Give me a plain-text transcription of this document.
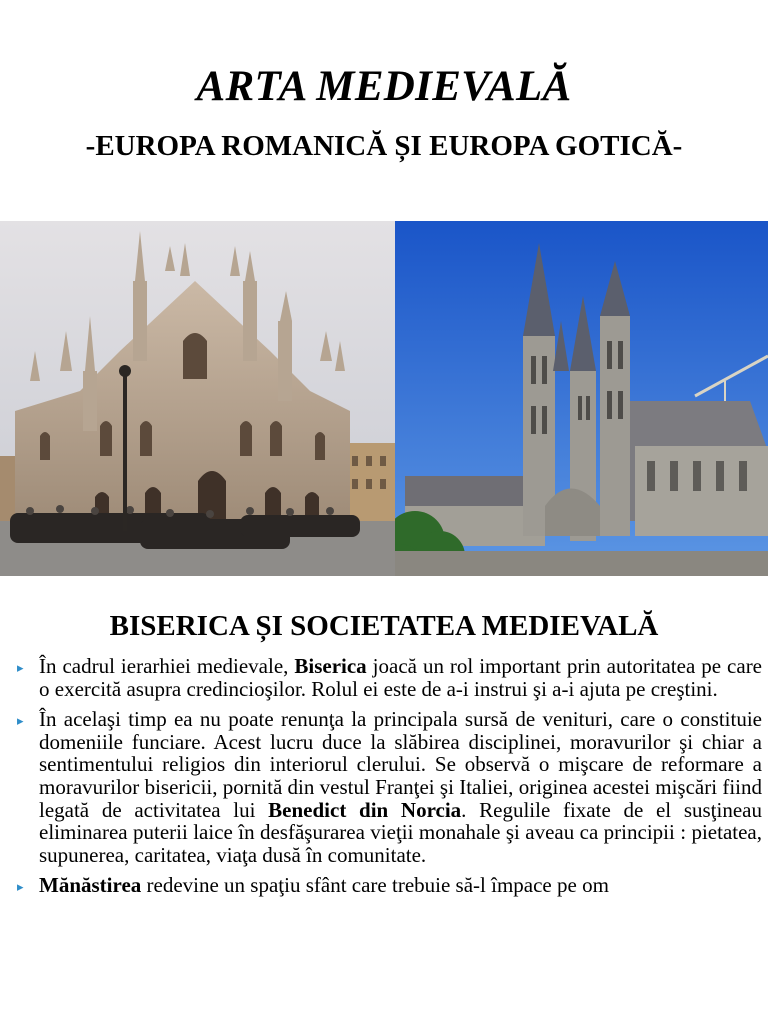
ARTA MEDIEVALĂ
-EUROPA ROMANICĂ ȘI EUROPA GOTICĂ-
BISERICA ȘI SOCIETATEA MEDIEVALĂ
▸ În cadrul ierarhiei medievale, Biserica joacă un rol important prin autoritatea pe care o exercită asupra credincioşilor. Rolul ei este de a-i instrui şi a-i ajuta pe creştini.
▸ În acelaşi timp ea nu poate renunţa la principala sursă de venituri, care o constituie domeniile funciare. Acest lucru duce la slăbirea disciplinei, moravurilor şi chiar a sentimentului religios din interiorul clerului. Se observă o mişcare de reformare a moravurilor bisericii, pornită din vestul Franţei şi Italiei, originea acestei mişcări fiind legată de activitatea lui Benedict din Norcia. Regulile fixate de el susţineau eliminarea puterii laice în desfăşurarea vieţii monahale şi aveau ca principii : pietatea, supunerea, caritatea, viaţa dusă în comunitate.
▸ Mănăstirea redevine un spaţiu sfânt care trebuie să-l împace pe om
